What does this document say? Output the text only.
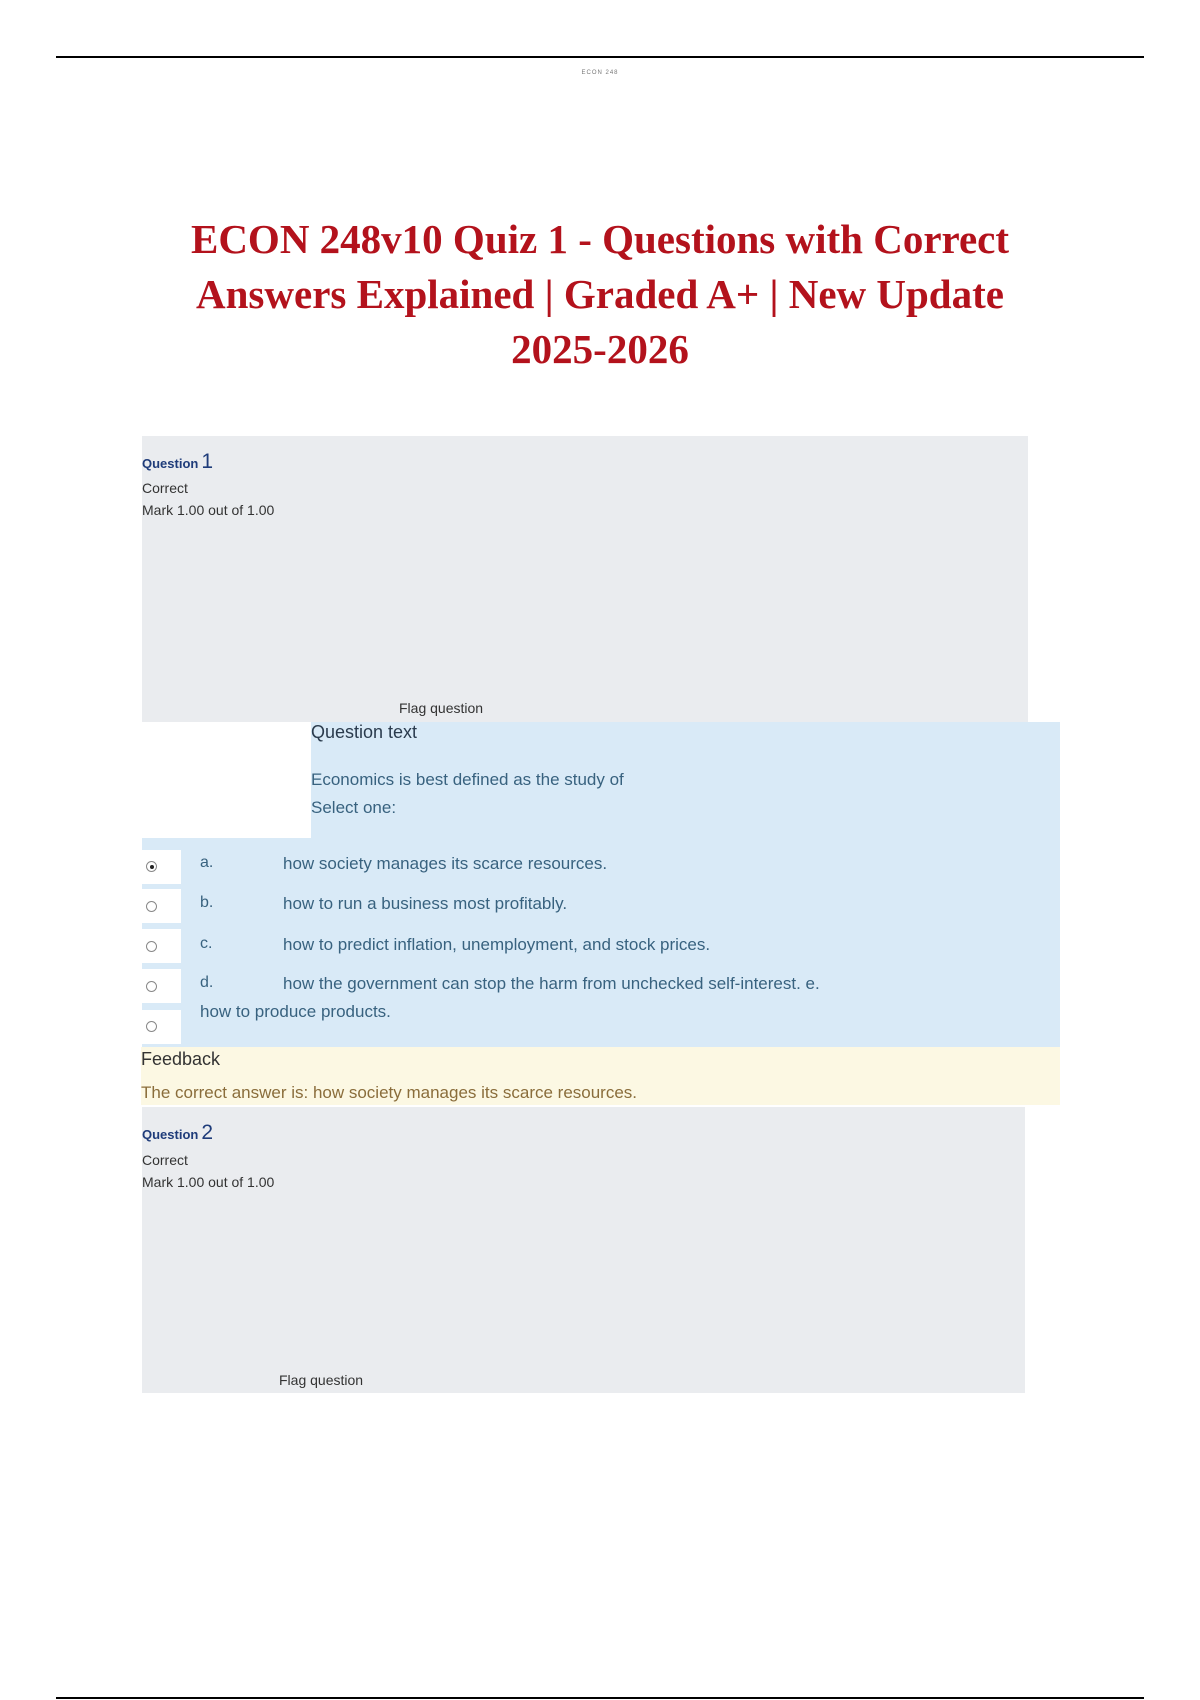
ECON 248
ECON 248v10 Quiz 1 - Questions with Correct
Answers Explained | Graded A+ | New Update
2025-2026
Question 1
Correct
Mark 1.00 out of 1.00
Flag question
Question text
Economics is best defined as the study of
Select one:
a.	how society manages its scarce resources.
b.	how to run a business most profitably.
c.	how to predict inflation, unemployment, and stock prices.
d.	how the government can stop the harm from unchecked self-interest. e.
how to produce products.
Feedback
The correct answer is: how society manages its scarce resources.
Question 2
Correct
Mark 1.00 out of 1.00
Flag question
